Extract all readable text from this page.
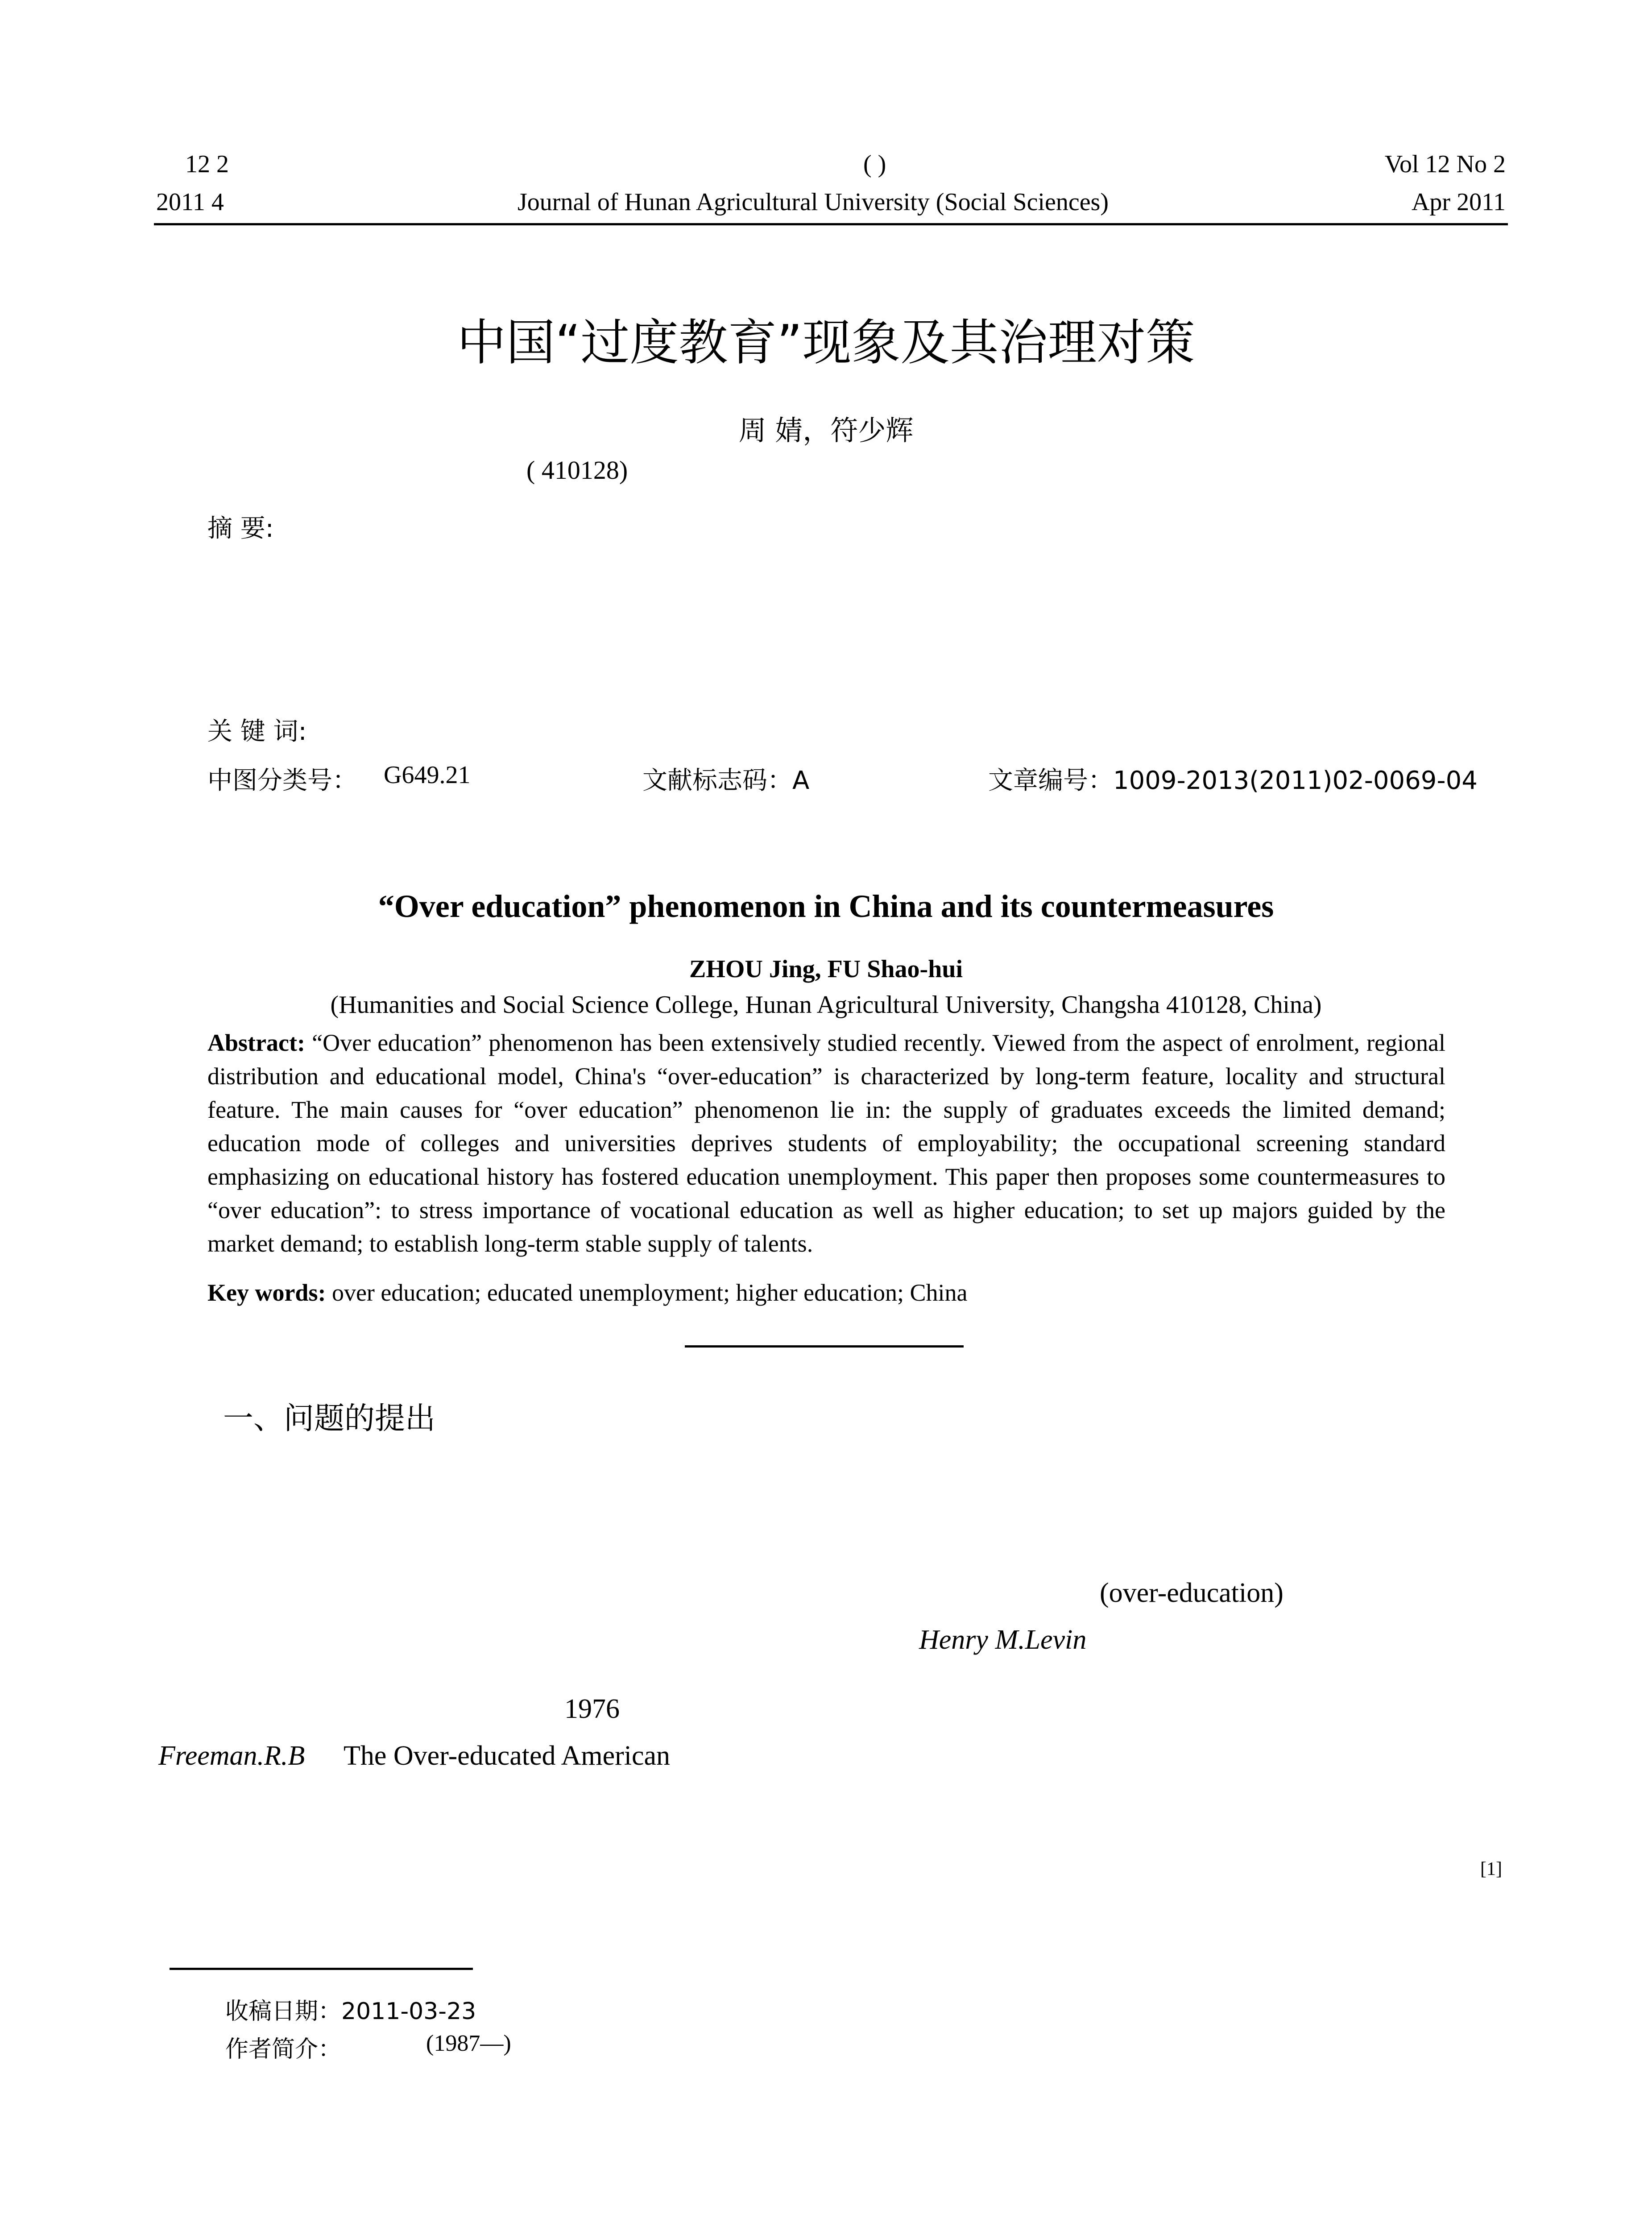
12 2
2011 4
( )
Journal of Hunan Agricultural University (Social Sciences)
Vol 12 No 2
Apr 2011
中国“过度教育”现象及其治理对策
周 婧，符少辉
( 410128)
摘 要:
关 键 词:
中图分类号： G649.21	文献标志码：A	文章编号：1009-2013(2011)02-0069-04
“Over education” phenomenon in China and its countermeasures
ZHOU Jing, FU Shao-hui
(Humanities and Social Science College, Hunan Agricultural University, Changsha 410128, China)
Abstract: “Over education” phenomenon has been extensively studied recently. Viewed from the aspect of enrolment, regional distribution and educational model, China's “over-education” is characterized by long-term feature, locality and structural feature. The main causes for “over education” phenomenon lie in: the supply of graduates exceeds the limited demand; education mode of colleges and universities deprives students of employability; the occupational screening standard emphasizing on educational history has fostered education unemployment. This paper then proposes some countermeasures to “over education”: to stress importance of vocational education as well as higher education; to set up majors guided by the market demand; to establish long-term stable supply of talents.
Key words: over education; educated unemployment; higher education; China
一、问题的提出
(over-education)
Henry M.Levin
1976
Freeman.R.B The Over-educated American
[1]
收稿日期：2011-03-23
作者简介：	(1987—)
